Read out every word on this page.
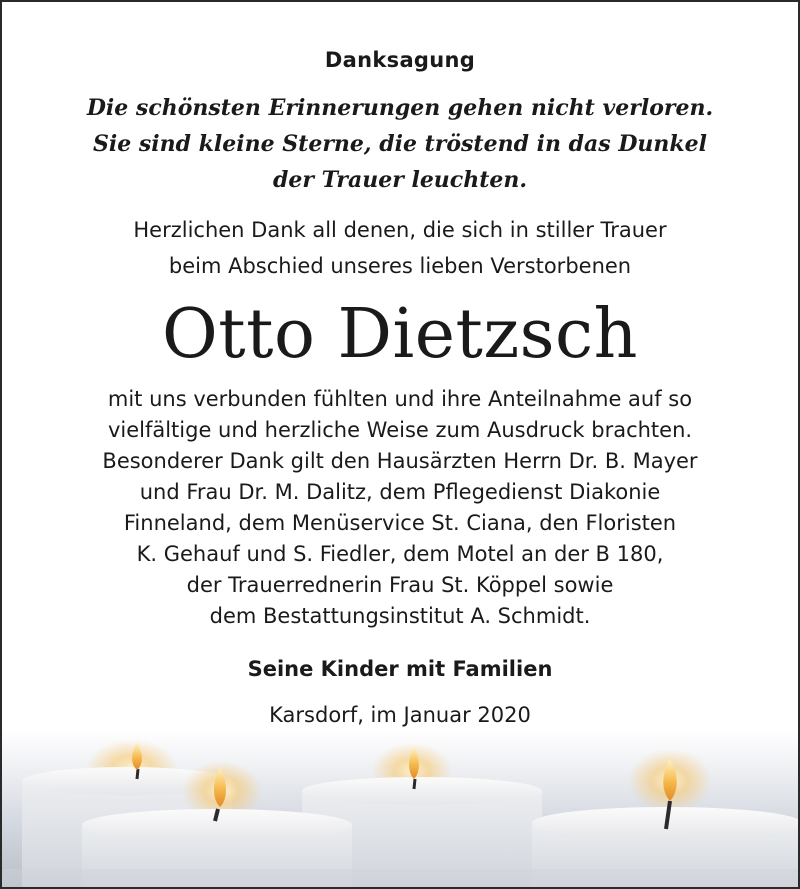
Danksagung
Die schönsten Erinnerungen gehen nicht verloren.
Sie sind kleine Sterne, die tröstend in das Dunkel
der Trauer leuchten.
Herzlichen Dank all denen, die sich in stiller Trauer
beim Abschied unseres lieben Verstorbenen
Otto Dietzsch
mit uns verbunden fühlten und ihre Anteilnahme auf so
vielfältige und herzliche Weise zum Ausdruck brachten.
Besonderer Dank gilt den Hausärzten Herrn Dr. B. Mayer
und Frau Dr. M. Dalitz, dem Pflegedienst Diakonie
Finneland, dem Menüservice St. Ciana, den Floristen
K. Gehauf und S. Fiedler, dem Motel an der B 180,
der Trauerrednerin Frau St. Köppel sowie
dem Bestattungsinstitut A. Schmidt.
Seine Kinder mit Familien
Karsdorf, im Januar 2020
